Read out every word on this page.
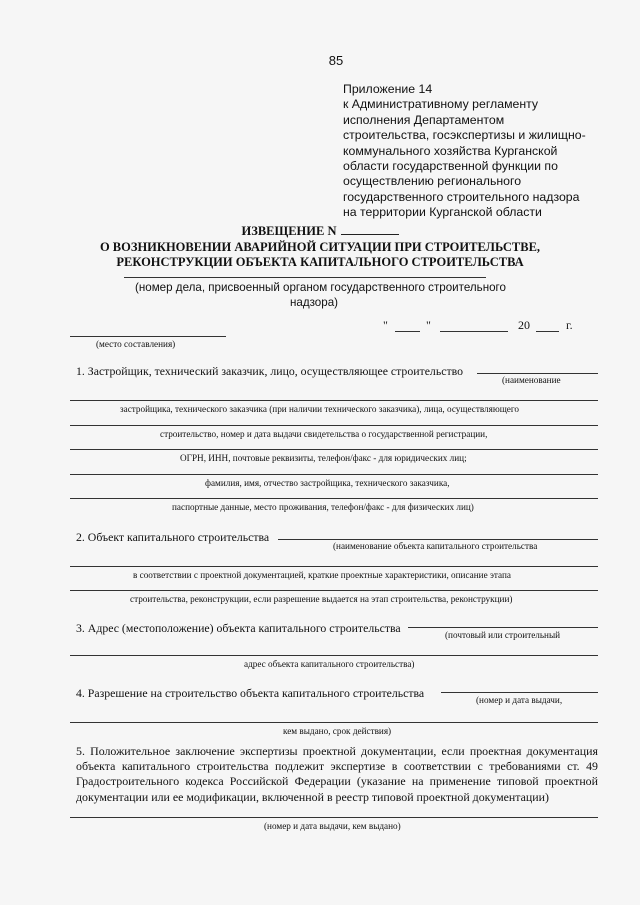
85
Приложение 14
к Административному регламенту
исполнения Департаментом
строительства, госэкспертизы и жилищно-
коммунального хозяйства Курганской
области государственной функции по
осуществлению регионального
государственного строительного надзора
на территории Курганской области
ИЗВЕЩЕНИЕ N
О ВОЗНИКНОВЕНИИ АВАРИЙНОЙ СИТУАЦИИ ПРИ СТРОИТЕЛЬСТВЕ,
РЕКОНСТРУКЦИИ ОБЪЕКТА КАПИТАЛЬНОГО СТРОИТЕЛЬСТВА
(номер дела, присвоенный органом государственного строительного
надзора)
"	"	20	г.
(место составления)
1. Застройщик, технический заказчик, лицо, осуществляющее строительство
(наименование
застройщика, технического заказчика (при наличии технического заказчика), лица, осуществляющего
строительство, номер и дата выдачи свидетельства о государственной регистрации,
ОГРН, ИНН, почтовые реквизиты, телефон/факс - для юридических лиц;
фамилия, имя, отчество застройщика, технического заказчика,
паспортные данные, место проживания, телефон/факс - для физических лиц)
2. Объект капитального строительства
(наименование объекта капитального строительства
в соответствии с проектной документацией, краткие проектные характеристики, описание этапа
строительства, реконструкции, если разрешение выдается на этап строительства, реконструкции)
3. Адрес (местоположение) объекта капитального строительства	(почтовый или строительный
адрес объекта капитального строительства)
4. Разрешение на строительство объекта капитального строительства	(номер и дата выдачи,
кем выдано, срок действия)
5. Положительное заключение экспертизы проектной документации, если проектная документация объекта капитального строительства подлежит экспертизе в соответствии с требованиями ст. 49 Градостроительного кодекса Российской Федерации (указание на применение типовой проектной документации или ее модификации, включенной в реестр типовой проектной документации)
(номер и дата выдачи, кем выдано)
